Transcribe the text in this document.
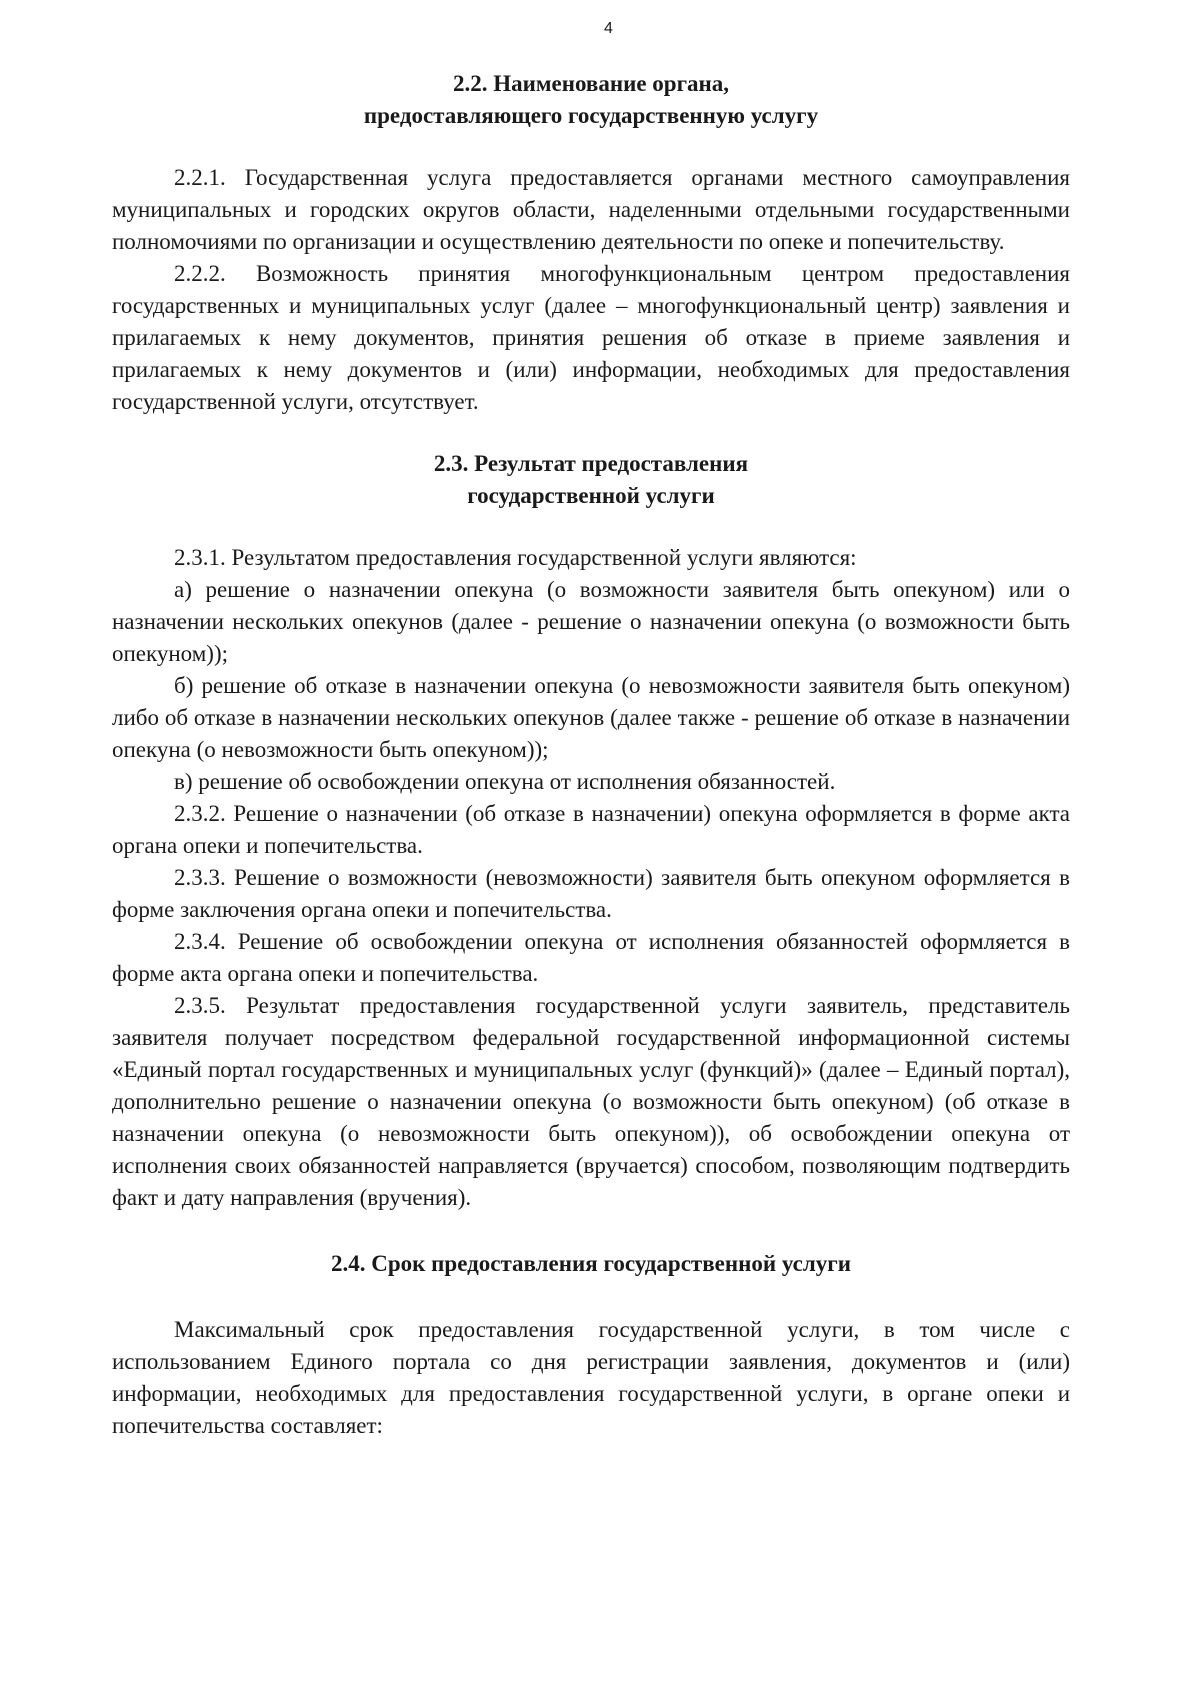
4
2.2. Наименование органа,
предоставляющего государственную услугу

2.2.1. Государственная услуга предоставляется органами местного самоуправления муниципальных и городских округов области, наделенными отдельными государственными полномочиями по организации и осуществлению деятельности по опеке и попечительству.

2.2.2. Возможность принятия многофункциональным центром предоставления государственных и муниципальных услуг (далее – многофункциональный центр) заявления и прилагаемых к нему документов, принятия решения об отказе в приеме заявления и прилагаемых к нему документов и (или) информации, необходимых для предоставления государственной услуги, отсутствует.

2.3. Результат предоставления
государственной услуги

2.3.1. Результатом предоставления государственной услуги являются:

а) решение о назначении опекуна (о возможности заявителя быть опекуном) или о назначении нескольких опекунов (далее - решение о назначении опекуна (о возможности быть опекуном));

б) решение об отказе в назначении опекуна (о невозможности заявителя быть опекуном) либо об отказе в назначении нескольких опекунов (далее также - решение об отказе в назначении опекуна (о невозможности быть опекуном));

в) решение об освобождении опекуна от исполнения обязанностей.

2.3.2. Решение о назначении (об отказе в назначении) опекуна оформляется в форме акта органа опеки и попечительства.

2.3.3. Решение о возможности (невозможности) заявителя быть опекуном оформляется в форме заключения органа опеки и попечительства.

2.3.4. Решение об освобождении опекуна от исполнения обязанностей оформляется в форме акта органа опеки и попечительства.

2.3.5. Результат предоставления государственной услуги заявитель, представитель заявителя получает посредством федеральной государственной информационной системы «Единый портал государственных и муниципальных услуг (функций)» (далее – Единый портал), дополнительно решение о назначении опекуна (о возможности быть опекуном) (об отказе в назначении опекуна (о невозможности быть опекуном)), об освобождении опекуна от исполнения своих обязанностей направляется (вручается) способом, позволяющим подтвердить факт и дату направления (вручения).

2.4. Срок предоставления государственной услуги

Максимальный срок предоставления государственной услуги, в том числе с использованием Единого портала со дня регистрации заявления, документов и (или) информации, необходимых для предоставления государственной услуги, в органе опеки и попечительства составляет:
